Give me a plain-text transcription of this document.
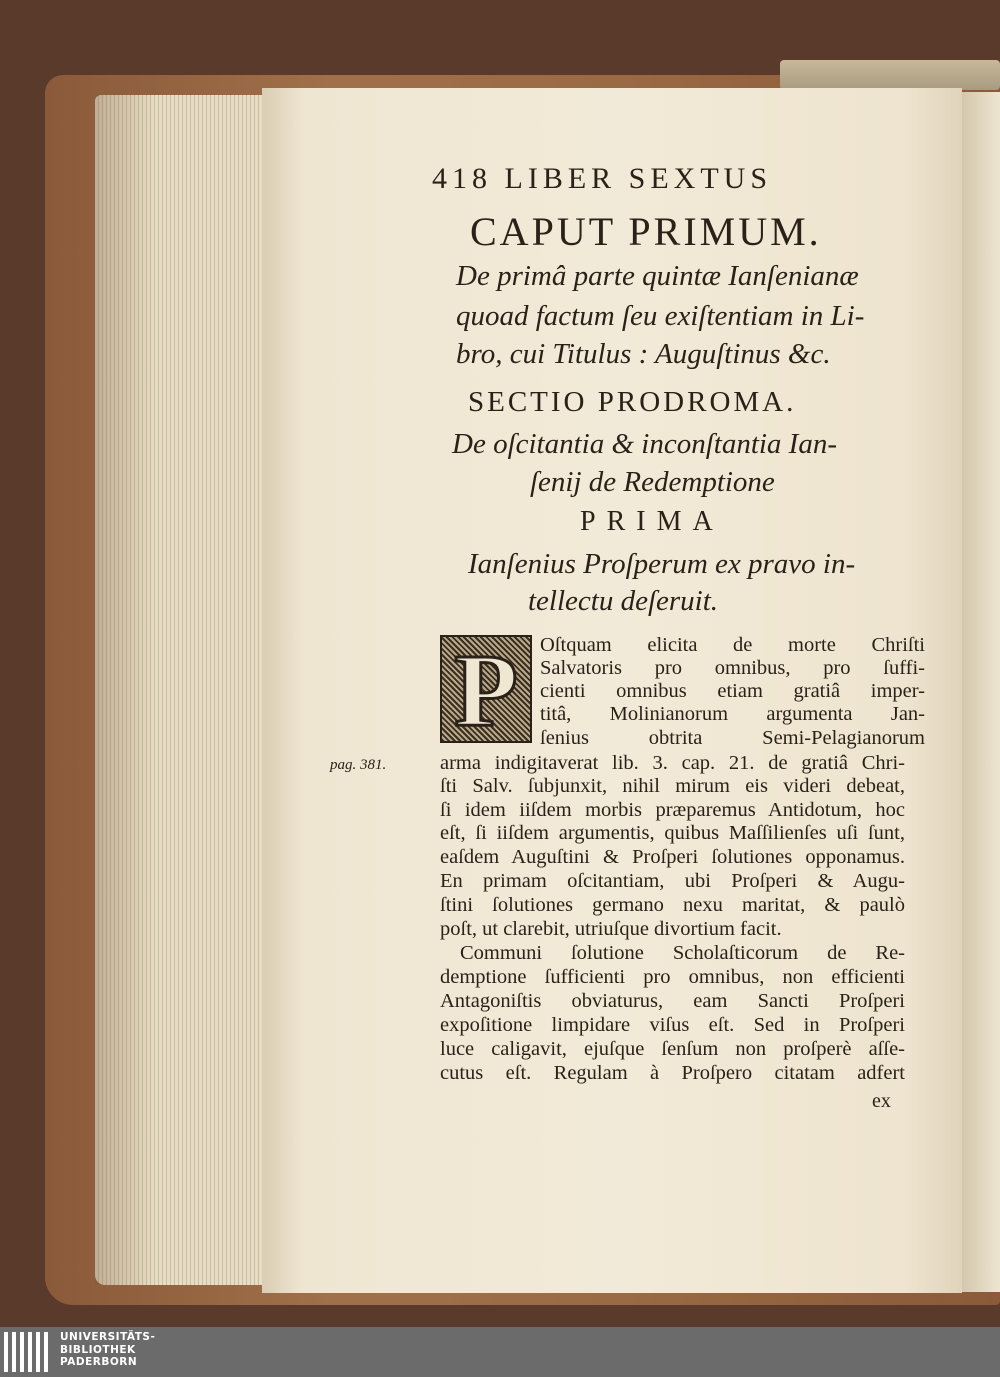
418 LIBER SEXTUS
CAPUT PRIMUM.
De primâ parte quintæ Ianſenianæ
quoad factum ſeu exiſtentiam in Li-
bro, cui Titulus : Auguſtinus &c.
SECTIO PRODROMA.
De oſcitantia & inconſtantia Ian-
ſenij de Redemptione
PRIMA
Ianſenius Proſperum ex pravo in-
tellectu deſeruit.
P	Oſtquam elicita de morte Chriſti
Salvatoris pro omnibus, pro ſuffi-
cienti omnibus etiam gratiâ imper-
titâ, Molinianorum argumenta Jan-
ſenius obtrita Semi-Pelagianorum
arma indigitaverat lib. 3. cap. 21. de gratiâ Chri-
ſti Salv. ſubjunxit, nihil mirum eis videri debeat,
ſi idem iiſdem morbis præparemus Antidotum, hoc
eſt, ſi iiſdem argumentis, quibus Maſſilienſes uſi ſunt,
eaſdem Auguſtini & Proſperi ſolutiones opponamus.
En primam oſcitantiam, ubi Proſperi & Augu-
ſtini ſolutiones germano nexu maritat, & paulò
poſt, ut clarebit, utriuſque divortium facit.
Communi ſolutione Scholaſticorum de Re-
demptione ſufficienti pro omnibus, non efficienti
Antagoniſtis obviaturus, eam Sancti Proſperi
expoſitione limpidare viſus eſt. Sed in Proſperi
luce caligavit, ejuſque ſenſum non proſperè aſſe-
cutus eſt. Regulam à Proſpero citatam adfert
ex
pag. 381.
UNIVERSITÄTS-
BIBLIOTHEK
PADERBORN
